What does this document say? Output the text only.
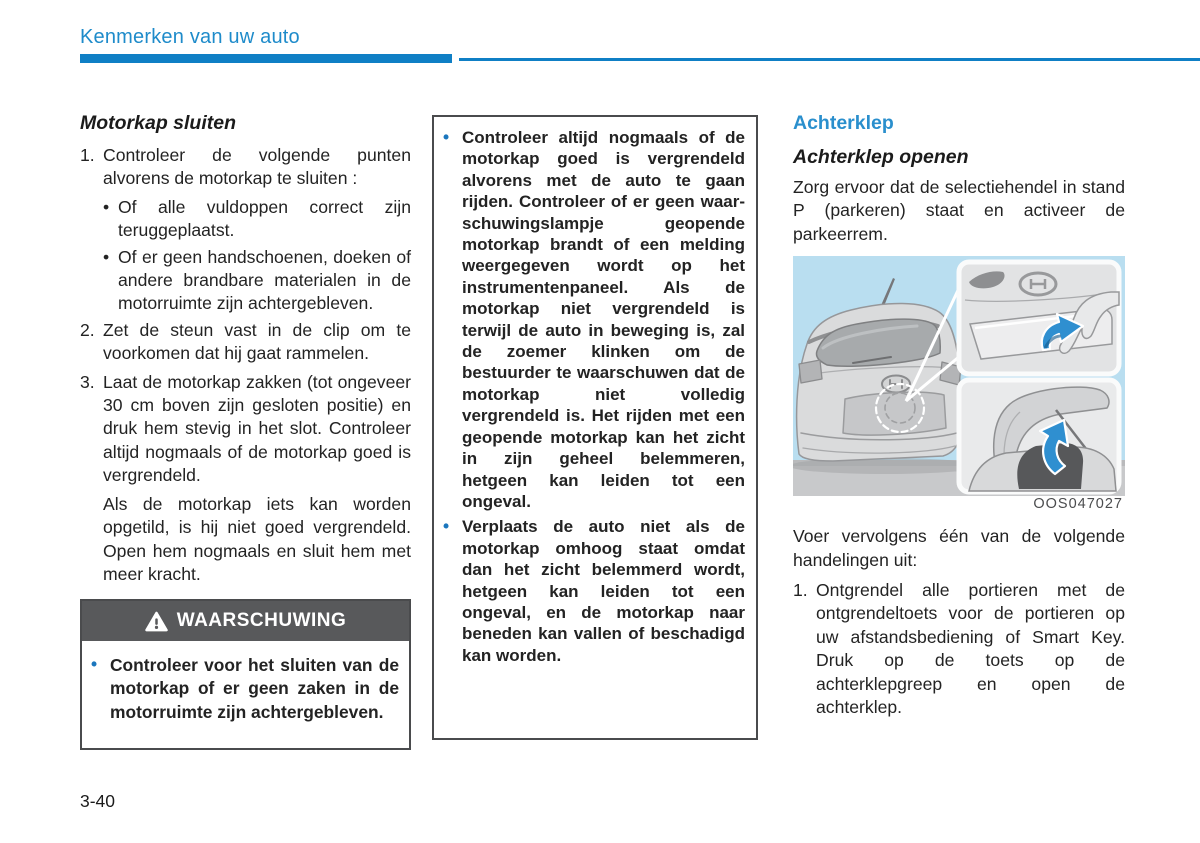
Kenmerken van uw auto
Motorkap sluiten
1. Controleer de volgende punten alvorens de motorkap te sluiten :
• Of alle vuldoppen correct zijn teruggeplaatst.
• Of er geen handschoenen, doeken of andere brandbare materialen in de motorruimte zijn achtergebleven.
2. Zet de steun vast in de clip om te voorkomen dat hij gaat rammelen.
3. Laat de motorkap zakken (tot ongeveer 30 cm boven zijn gesloten positie) en druk hem stevig in het slot. Controleer altijd nogmaals of de motorkap goed is vergrendeld.

Als de motorkap iets kan worden opgetild, is hij niet goed vergrendeld. Open hem nogmaals en sluit hem met meer kracht.

WAARSCHUWING
• Controleer voor het sluiten van de motorkap of er geen zaken in de motorruimte zijn achtergebleven.
• Controleer altijd nogmaals of de motorkap goed is vergrendeld alvorens met de auto te gaan rijden. Controleer of er geen waar-schuwingslampje geopende motorkap brandt of een melding weergegeven wordt op het instrumentenpaneel. Als de motorkap niet vergrendeld is terwijl de auto in beweging is, zal de zoemer klinken om de bestuurder te waarschuwen dat de motorkap niet volledig vergrendeld is. Het rijden met een geopende motorkap kan het zicht in zijn geheel belemmeren, hetgeen kan leiden tot een ongeval.
• Verplaats de auto niet als de motorkap omhoog staat omdat dan het zicht belemmerd wordt, hetgeen kan leiden tot een ongeval, en de motorkap naar beneden kan vallen of beschadigd kan worden.
Achterklep
Achterklep openen

Zorg ervoor dat de selectiehendel in stand P (parkeren) staat en activeer de parkeerrem.

OOS047027

Voer vervolgens één van de volgende handelingen uit:

1. Ontgrendel alle portieren met de ontgrendeltoets voor de portieren op uw afstandsbediening of Smart Key. Druk op de toets op de achterklepgreep en open de achterklep.
3-40
